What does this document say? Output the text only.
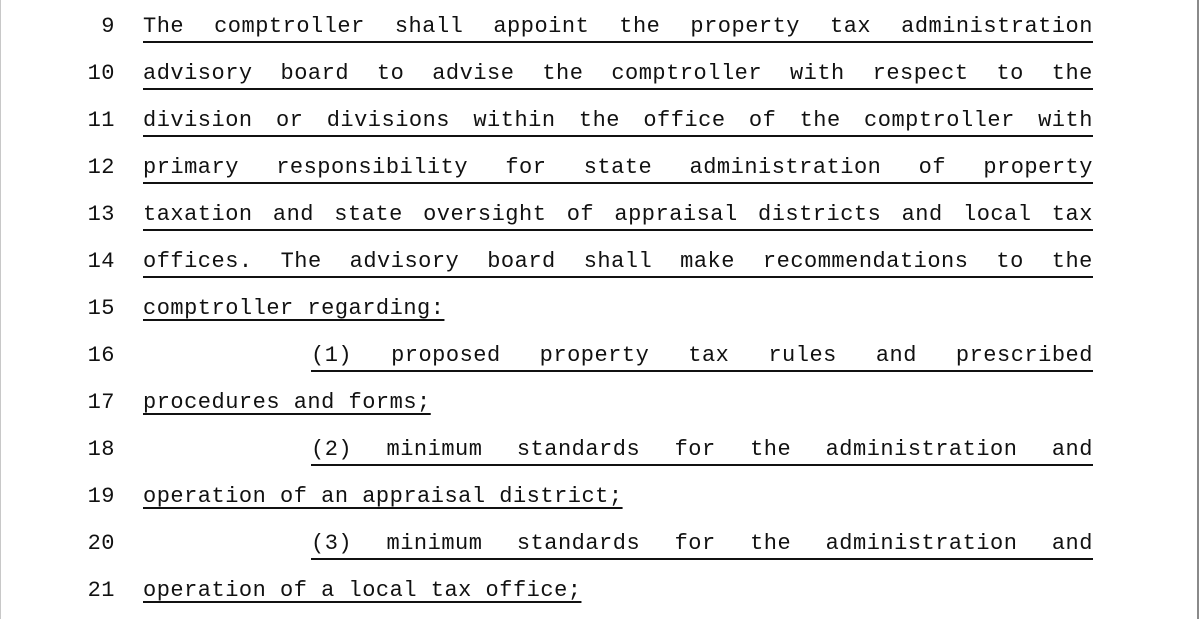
9 The comptroller shall appoint the property tax administration
10 advisory board to advise the comptroller with respect to the
11 division or divisions within the office of the comptroller with
12 primary responsibility for state administration of property
13 taxation and state oversight of appraisal districts and local tax
14 offices. The advisory board shall make recommendations to the
15 comptroller regarding:
16	(1) proposed property tax rules and prescribed
17 procedures and forms;
18	(2) minimum standards for the administration and
19 operation of an appraisal district;
20	(3) minimum standards for the administration and
21 operation of a local tax office;
